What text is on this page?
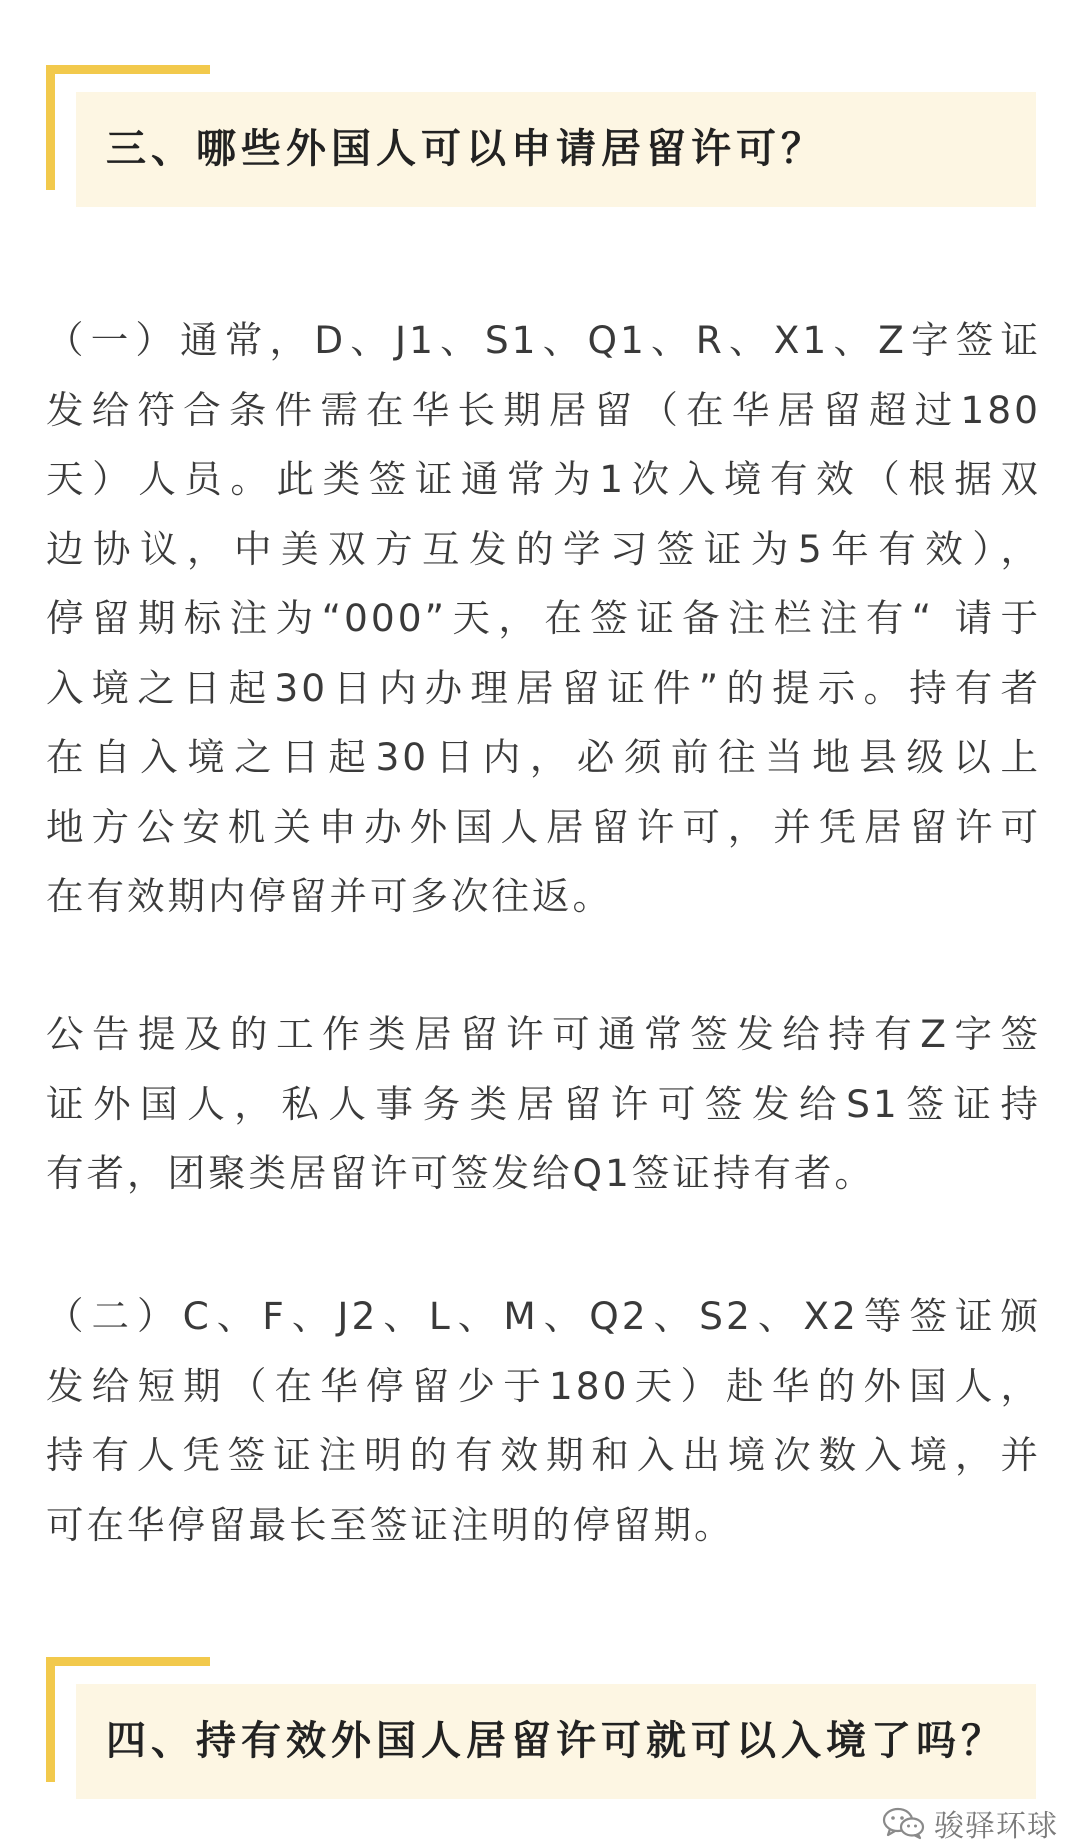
三、哪些外国人可以申请居留许可？
（一）通常，D、J1、S1、Q1、R、X1、Z字签证
发给符合条件需在华长期居留（在华居留超过180
天）人员。此类签证通常为1次入境有效（根据双
边协议，中美双方互发的学习签证为5年有效），
停留期标注为“000”天，在签证备注栏注有“ 请于
入境之日起30日内办理居留证件”的提示。持有者
在自入境之日起30日内，必须前往当地县级以上
地方公安机关申办外国人居留许可，并凭居留许可
在有效期内停留并可多次往返。
公告提及的工作类居留许可通常签发给持有Z字签
证外国人，私人事务类居留许可签发给S1签证持
有者，团聚类居留许可签发给Q1签证持有者。
（二）C、F、J2、L、M、Q2、S2、X2等签证颁
发给短期（在华停留少于180天）赴华的外国人，
持有人凭签证注明的有效期和入出境次数入境，并
可在华停留最长至签证注明的停留期。
四、持有效外国人居留许可就可以入境了吗？
骏驿环球
